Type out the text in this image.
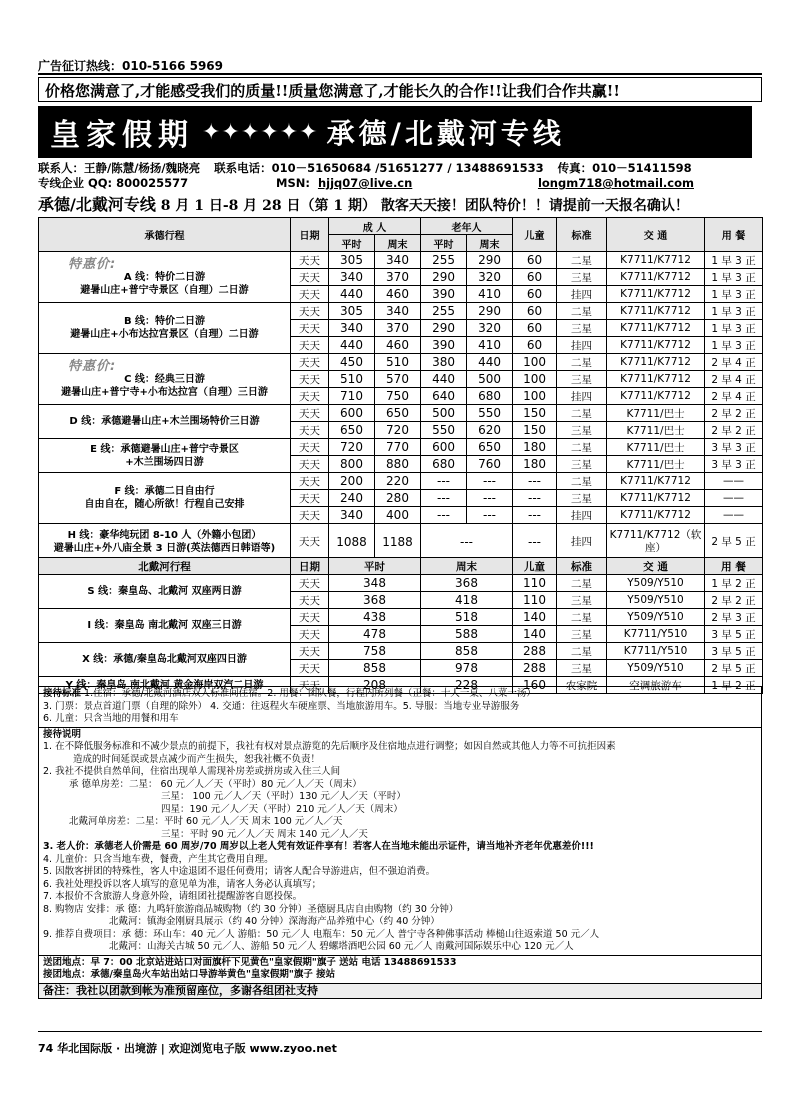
广告征订热线：010-5166 5969
价格您满意了,才能感受我们的质量!!质量您满意了,才能长久的合作!!让我们合作共赢!!
皇家假期 ✦✦✦✦✦✦ 承德/北戴河专线
联系人：王静/陈慧/杨扬/魏晓亮 联系电话：010－51650684 /51651277 / 13488691533 传真：010－51411598
专线企业 QQ: 800025577	MSN: hjjq07@live.cn	longm718@hotmail.com
承德/北戴河专线 8 月 1 日-8 月 28 日（第 1 期） 散客天天接！团队特价！！请提前一天报名确认！
承德行程	日期	成 人		老年人		儿童	标准	交 通	用 餐
		平时	周末	平时	周末				

特惠价:
A 线：特价二日游
避暑山庄+普宁寺景区（自理）二日游	天天	305	340	255	290	60	二星	K7711/K7712	1 早 3 正
	天天	340	370	290	320	60	三星	K7711/K7712	1 早 3 正
	天天	440	460	390	410	60	挂四	K7711/K7712	1 早 3 正

B 线：特价二日游
避暑山庄+小布达拉宫景区（自理）二日游	天天	305	340	255	290	60	二星	K7711/K7712	1 早 3 正
	天天	340	370	290	320	60	三星	K7711/K7712	1 早 3 正
	天天	440	460	390	410	60	挂四	K7711/K7712	1 早 3 正

特惠价:
C 线：经典三日游
避暑山庄+普宁寺+小布达拉宫（自理）三日游	天天	450	510	380	440	100	二星	K7711/K7712	2 早 4 正
	天天	510	570	440	500	100	三星	K7711/K7712	2 早 4 正
	天天	710	750	640	680	100	挂四	K7711/K7712	2 早 4 正

D 线：承德避暑山庄+木兰围场特价三日游	天天	600	650	500	550	150	二星	K7711/巴士	2 早 2 正
	天天	650	720	550	620	150	三星	K7711/巴士	2 早 2 正

E 线：承德避暑山庄+普宁寺景区
+木兰围场四日游	天天	720	770	600	650	180	二星	K7711/巴士	3 早 3 正
	天天	800	880	680	760	180	三星	K7711/巴士	3 早 3 正

F 线：承德二日自由行
自由自在，随心所欲！行程自己安排	天天	200	220	---	---	---	二星	K7711/K7712	——
	天天	240	280	---	---	---	三星	K7711/K7712	——
	天天	340	400	---	---	---	挂四	K7711/K7712	——

H 线：豪华纯玩团 8-10 人（外籍小包团）
避暑山庄+外八庙全景 3 日游(英法德西日韩语等)	天天	1088	1188	---		---	挂四	K7711/K7712（软座）	2 早 5 正
北戴河行程	日期	平时	周末	儿童	标准	交 通	用 餐

S 线：秦皇岛、北戴河 双座两日游	天天	348	368	110	二星	Y509/Y510	1 早 2 正
	天天	368	418	110	三星	Y509/Y510	2 早 2 正

I 线：秦皇岛 南北戴河 双座三日游	天天	438	518	140	二星	Y509/Y510	2 早 3 正
	天天	478	588	140	三星	K7711/Y510	3 早 5 正

X 线：承德/秦皇岛北戴河双座四日游	天天	758	858	288	二星	K7711/Y510	3 早 5 正
	天天	858	978	288	三星	Y509/Y510	2 早 5 正

Y 线：秦皇岛 南北戴河 黄金海岸双汽二日游	天天	208	228	160	农家院	空调旅游车	1 早 2 正
接待标准 1.住宿：承德/北戴河酒店双人标准间住宿。2. 用餐：团队餐，行程内所列餐（正餐：十人一桌、八菜一汤）
3. 门票：景点首道门票（自理的除外） 4. 交通：往返程火车硬座票、当地旅游用车。5. 导服：当地专业导游服务
6. 儿童：只含当地的用餐和用车
接待说明
1. 在不降低服务标准和不减少景点的前提下，我社有权对景点游览的先后顺序及住宿地点进行调整；如因自然或其他人力等不可抗拒因素
造成的时间延误或景点减少而产生损失，恕我社概不负责！
2. 我社不提供自然单间，住宿出现单人需现补房差或拼房或入住三人间
承 德单房差：二星： 60 元／人／天（平时）80 元／人／天（周末）
三星： 100 元／人／天（平时）130 元／人／天（平时）
四星：190 元／人／天（平时）210 元／人／天（周末）
北戴河单房差：二星：平时 60 元／人／天 周末 100 元／人／天
三星：平时 90 元／人／天 周末 140 元／人／天
3. 老人价：承德老人价需是 60 周岁/70 周岁以上老人凭有效证件享有！若客人在当地未能出示证件，请当地补齐老年优惠差价!!!
4. 儿童价：只含当地车费，餐费，产生其它费用自理。
5. 因散客拼团的特殊性，客人中途退团不退任何费用；请客人配合导游进店，但不强迫消费。
6. 我社处理投诉以客人填写的意见单为准，请客人务必认真填写；
7. 本报价不含旅游人身意外险，请组团社提醒游客自愿投保。
8. 购物店 安排：承 德：九鸣轩旅游商品城购物（约 30 分钟）圣德厨具店自由购物（约 30 分钟）
北戴河：镇海金刚厨具展示（约 40 分钟）深海海产品养殖中心（约 40 分钟）
9. 推荐自费项目：承 德：环山车：40 元／人 游船：50 元／人 电瓶车：50 元／人 普宁寺各种佛事活动 棒槌山往返索道 50 元／人
北戴河：山海关古城 50 元／人、游船 50 元／人 碧螺塔酒吧公园 60 元／人 南戴河国际娱乐中心 120 元／人
送团地点：早 7：00 北京站进站口对面旗杆下见黄色"皇家假期"旗子 送站 电话 13488691533
接团地点：承德/秦皇岛火车站出站口导游举黄色"皇家假期"旗子 接站
备注：我社以团款到帐为准预留座位，多谢各组团社支持
74 华北国际版 · 出境游 | 欢迎浏览电子版 www.zyoo.net
